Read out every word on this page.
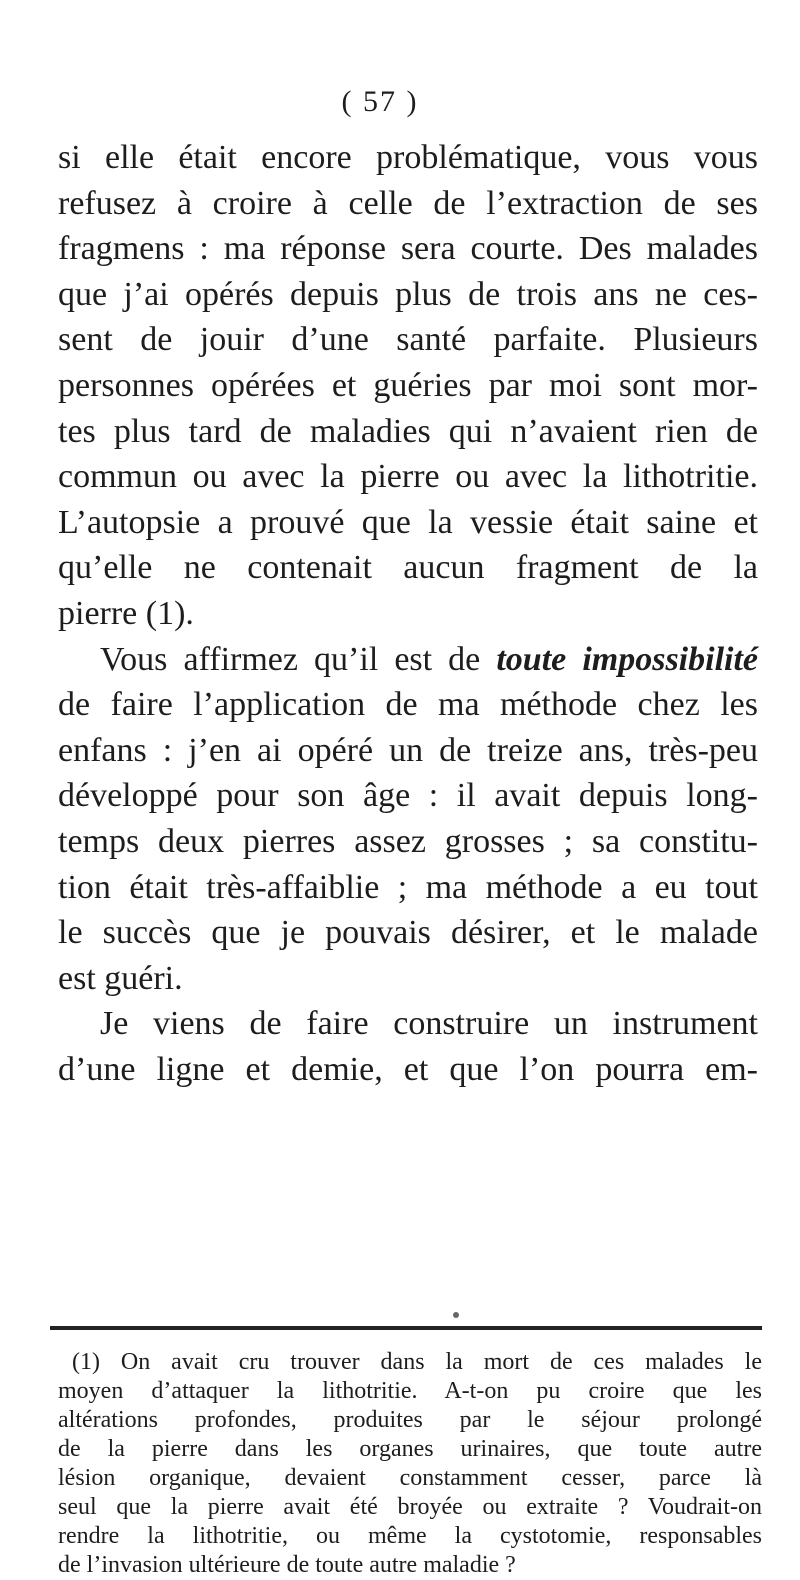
( 57 )
si elle était encore problématique, vous vous
refusez à croire à celle de l’extraction de ses
fragmens : ma réponse sera courte. Des malades
que j’ai opérés depuis plus de trois ans ne ces-
sent de jouir d’une santé parfaite. Plusieurs
personnes opérées et guéries par moi sont mor-
tes plus tard de maladies qui n’avaient rien de
commun ou avec la pierre ou avec la lithotritie.
L’autopsie a prouvé que la vessie était saine et
qu’elle ne contenait aucun fragment de la
pierre (1).
Vous affirmez qu’il est de toute impossibilité
de faire l’application de ma méthode chez les
enfans : j’en ai opéré un de treize ans, très-peu
développé pour son âge : il avait depuis long-
temps deux pierres assez grosses ; sa constitu-
tion était très-affaiblie ; ma méthode a eu tout
le succès que je pouvais désirer, et le malade
est guéri.
Je viens de faire construire un instrument
d’une ligne et demie, et que l’on pourra em-
(1) On avait cru trouver dans la mort de ces malades le
moyen d’attaquer la lithotritie. A-t-on pu croire que les
altérations profondes, produites par le séjour prolongé
de la pierre dans les organes urinaires, que toute autre
lésion organique, devaient constamment cesser, parce là
seul que la pierre avait été broyée ou extraite ? Voudrait-on
rendre la lithotritie, ou même la cystotomie, responsables
de l’invasion ultérieure de toute autre maladie ?
